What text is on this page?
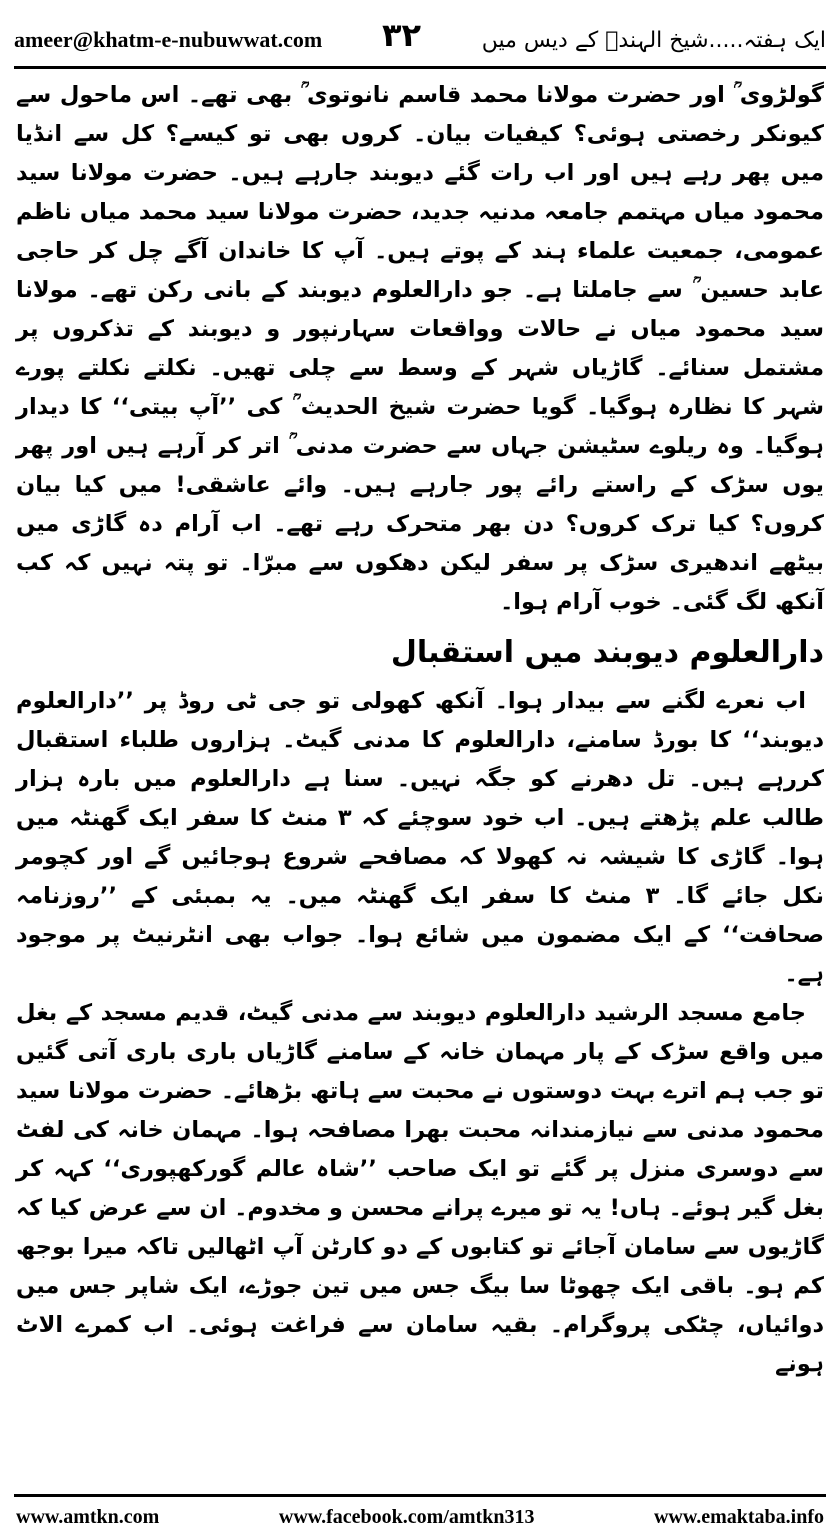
ameer@khatm-e-nubuwwat.com ۳۲	ایک ہفتہ.....شیخ الہندؒ کے دیس میں

گولڑوی ؒ اور حضرت مولانا محمد قاسم نانوتوی ؒ بھی تھے۔ اس ماحول سے کیونکر رخصتی ہوئی؟ کیفیات بیان۔ کروں بھی تو کیسے؟ کل سے انڈیا میں پھر رہے ہیں اور اب رات گئے دیوبند جارہے ہیں۔ حضرت مولانا سید محمود میاں مہتمم جامعہ مدنیہ جدید، حضرت مولانا سید محمد میاں ناظم عمومی، جمعیت علماء ہند کے پوتے ہیں۔ آپ کا خاندان آگے چل کر حاجی عابد حسین ؒ سے جاملتا ہے۔ جو دارالعلوم دیوبند کے بانی رکن تھے۔ مولانا سید محمود میاں نے حالات وواقعات سہارنپور و دیوبند کے تذکروں پر مشتمل سنائے۔ گاڑیاں شہر کے وسط سے چلی تھیں۔ نکلتے نکلتے پورے شہر کا نظارہ ہوگیا۔ گویا حضرت شیخ الحدیث ؒ کی ’’آپ بیتی‘‘ کا دیدار ہوگیا۔ وہ ریلوے سٹیشن جہاں سے حضرت مدنی ؒ اتر کر آرہے ہیں اور پھر یوں سڑک کے راستے رائے پور جارہے ہیں۔ وائے عاشقی! میں کیا بیان کروں؟ کیا ترک کروں؟ دن بھر متحرک رہے تھے۔ اب آرام دہ گاڑی میں بیٹھے اندھیری سڑک پر سفر لیکن دھکوں سے مبرّا۔ تو پتہ نہیں کہ کب آنکھ لگ گئی۔ خوب آرام ہوا۔

دارالعلوم دیوبند میں استقبال

اب نعرے لگنے سے بیدار ہوا۔ آنکھ کھولی تو جی ٹی روڈ پر ’’دارالعلوم دیوبند‘‘ کا بورڈ سامنے، دارالعلوم کا مدنی گیٹ۔ ہزاروں طلباء استقبال کررہے ہیں۔ تل دھرنے کو جگہ نہیں۔ سنا ہے دارالعلوم میں بارہ ہزار طالب علم پڑھتے ہیں۔ اب خود سوچئے کہ ۳ منٹ کا سفر ایک گھنٹہ میں ہوا۔ گاڑی کا شیشہ نہ کھولا کہ مصافحے شروع ہوجائیں گے اور کچومر نکل جائے گا۔ ۳ منٹ کا سفر ایک گھنٹہ میں۔ یہ بمبئی کے ’’روزنامہ صحافت‘‘ کے ایک مضمون میں شائع ہوا۔ جواب بھی انٹرنیٹ پر موجود ہے۔

جامع مسجد الرشید دارالعلوم دیوبند سے مدنی گیٹ، قدیم مسجد کے بغل میں واقع سڑک کے پار مہمان خانہ کے سامنے گاڑیاں باری باری آتی گئیں تو جب ہم اترے بہت دوستوں نے محبت سے ہاتھ بڑھائے۔ حضرت مولانا سید محمود مدنی سے نیازمندانہ محبت بھرا مصافحہ ہوا۔ مہمان خانہ کی لفٹ سے دوسری منزل پر گئے تو ایک صاحب ’’شاہ عالم گورکھپوری‘‘ کہہ کر بغل گیر ہوئے۔ ہاں! یہ تو میرے پرانے محسن و مخدوم۔ ان سے عرض کیا کہ گاڑیوں سے سامان آجائے تو کتابوں کے دو کارٹن آپ اٹھالیں تاکہ میرا بوجھ کم ہو۔ باقی ایک چھوٹا سا بیگ جس میں تین جوڑے، ایک شاپر جس میں دوائیاں، چٹکی پروگرام۔ بقیہ سامان سے فراغت ہوئی۔ اب کمرے الاٹ ہونے

www.amtkn.com	www.facebook.com/amtkn313	www.emaktaba.info
